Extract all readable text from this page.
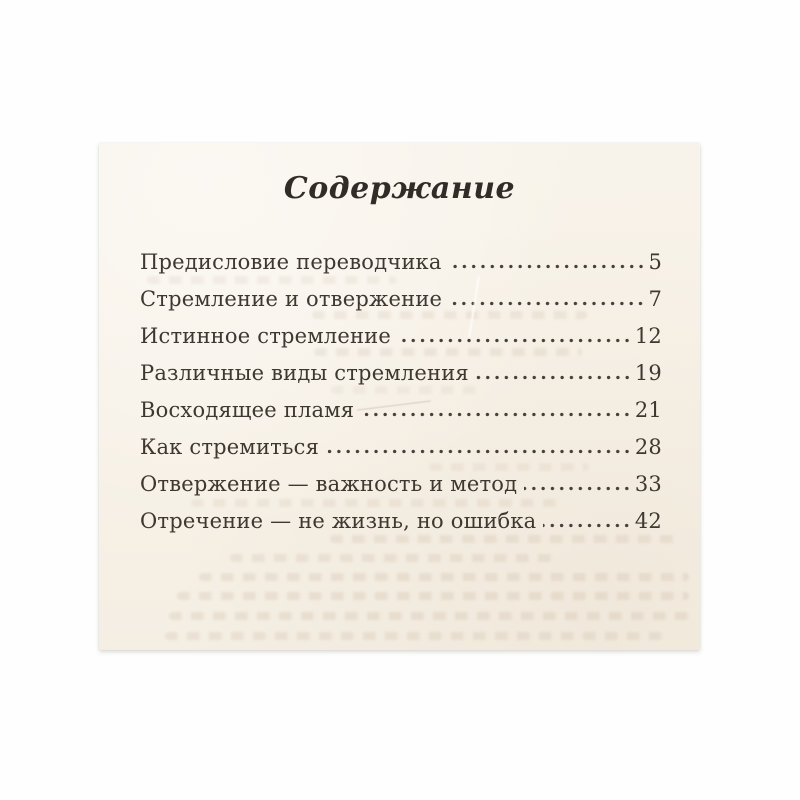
Содержание
Предисловие переводчика	5
Стремление и отвержение	7
Истинное стремление	12
Различные виды стремления	19
Восходящее пламя	21
Как стремиться	28
Отвержение — важность и метод	33
Отречение — не жизнь, но ошибка	42
